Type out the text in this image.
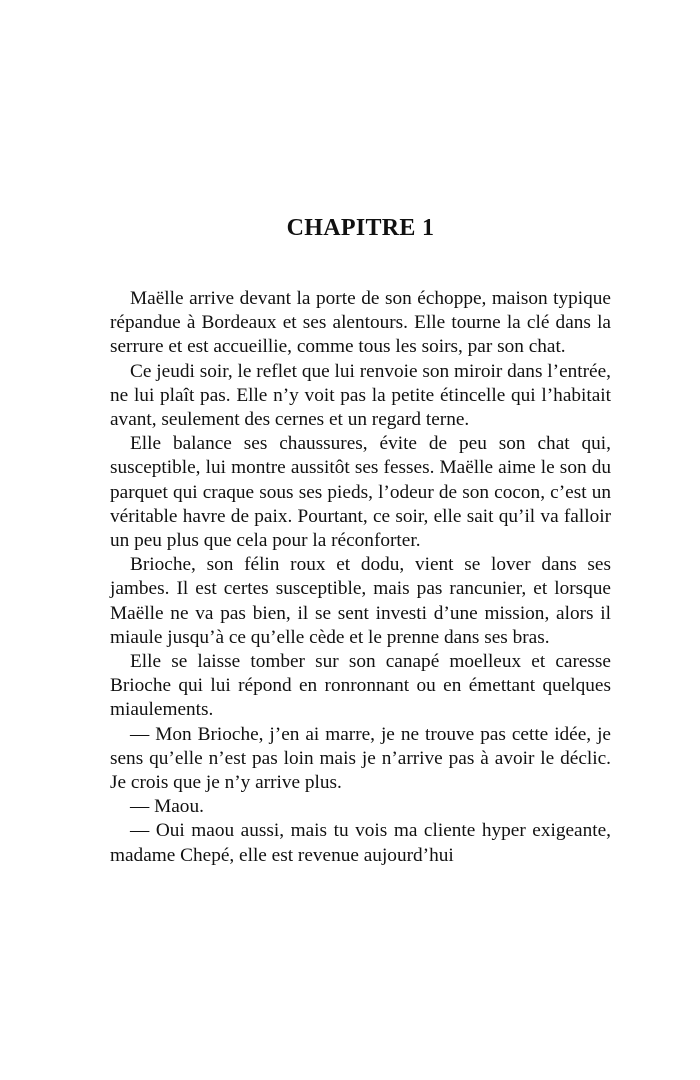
CHAPITRE 1

Maëlle arrive devant la porte de son échoppe, maison typique répandue à Bordeaux et ses alentours. Elle tourne la clé dans la serrure et est accueillie, comme tous les soirs, par son chat.

Ce jeudi soir, le reflet que lui renvoie son miroir dans l’entrée, ne lui plaît pas. Elle n’y voit pas la petite étincelle qui l’habitait avant, seulement des cernes et un regard terne.

Elle balance ses chaussures, évite de peu son chat qui, susceptible, lui montre aussitôt ses fesses. Maëlle aime le son du parquet qui craque sous ses pieds, l’odeur de son cocon, c’est un véritable havre de paix. Pourtant, ce soir, elle sait qu’il va falloir un peu plus que cela pour la réconforter.

Brioche, son félin roux et dodu, vient se lover dans ses jambes. Il est certes susceptible, mais pas rancunier, et lorsque Maëlle ne va pas bien, il se sent investi d’une mission, alors il miaule jusqu’à ce qu’elle cède et le prenne dans ses bras.

Elle se laisse tomber sur son canapé moelleux et caresse Brioche qui lui répond en ronronnant ou en émettant quelques miaulements.

— Mon Brioche, j’en ai marre, je ne trouve pas cette idée, je sens qu’elle n’est pas loin mais je n’arrive pas à avoir le déclic. Je crois que je n’y arrive plus.

— Maou.

— Oui maou aussi, mais tu vois ma cliente hyper exigeante, madame Chepé, elle est revenue aujourd’hui
